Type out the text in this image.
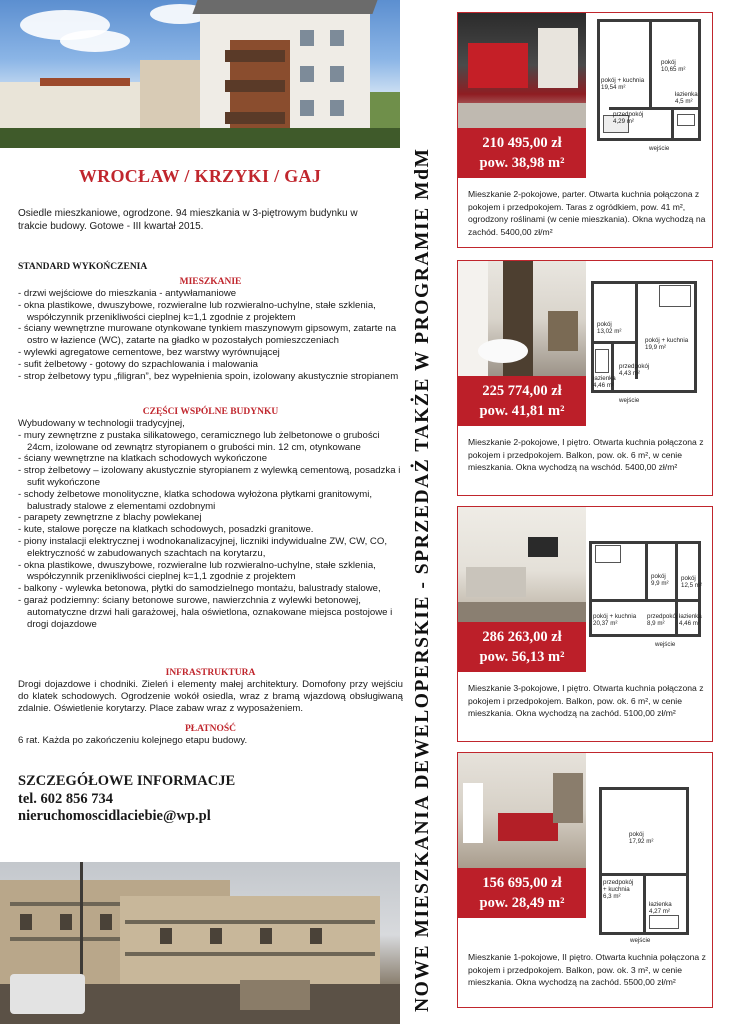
WROCŁAW / KRZYKI / GAJ

Osiedle mieszkaniowe, ogrodzone. 94 mieszkania w 3-piętrowym budynku w trakcie budowy. Gotowe - III kwartał 2015.

STANDARD WYKOŃCZENIA
MIESZKANIE
- drzwi wejściowe do mieszkania - antywłamaniowe
- okna plastikowe, dwuszybowe, rozwieralne lub rozwieralno-uchylne, stałe szklenia, współczynnik przenikliwości cieplnej k=1,1 zgodnie z projektem
- ściany wewnętrzne murowane otynkowane tynkiem maszynowym gipsowym, zatarte na ostro w łazience (WC), zatarte na gładko w pozostałych pomieszczeniach
- wylewki agregatowe cementowe, bez warstwy wyrównującej
- sufit żelbetowy - gotowy do szpachlowania i malowania
- strop żelbetowy typu „filigran”, bez wypełnienia spoin, izolowany akustycznie stropianem
CZĘŚCI WSPÓLNE BUDYNKU

Wybudowany w technologii tradycyjnej,

- mury zewnętrzne z pustaka silikatowego, ceramicznego lub żelbetonowe o grubości 24cm, izolowane od zewnątrz styropianem o grubości min. 12 cm, otynkowane
- ściany wewnętrzne na klatkach schodowych wykończone
- strop żelbetowy – izolowany akustycznie styropianem z wylewką cementową, posadzka i sufit wykończone
- schody żelbetowe monolityczne, klatka schodowa wyłożona płytkami granitowymi, balustrady stalowe z elementami ozdobnymi
- parapety zewnętrzne z blachy powlekanej
- kute, stalowe poręcze na klatkach schodowych, posadzki granitowe.
- piony instalacji elektrycznej i wodnokanalizacyjnej, liczniki indywidualne ZW, CW, CO, elektryczność w zabudowanych szachtach na korytarzu,
- okna plastikowe, dwuszybowe, rozwieralne lub rozwieralno-uchylne, stałe szklenia, współczynnik przenikliwości cieplnej k=1,1 zgodnie z projektem
- balkony - wylewka betonowa, płytki do samodzielnego montażu, balustrady stalowe,
- garaż podziemny: ściany betonowe surowe, nawierzchnia z wylewki betonowej, automatyczne drzwi hali garażowej, hala oświetlona, oznakowane miejsca postojowe i drogi dojazdowe
INFRASTRUKTURA

Drogi dojazdowe i chodniki. Zieleń i elementy małej architektury. Domofony przy wejściu do klatek schodowych. Ogrodzenie wokół osiedla, wraz z bramą wjazdową obsługiwaną zdalnie. Oświetlenie korytarzy. Place zabaw wraz z wyposażeniem.

PŁATNOŚĆ

6 rat. Każda po zakończeniu kolejnego etapu budowy.

SZCZEGÓŁOWE INFORMACJE
tel. 602 856 734
nieruchomoscidlaciebie@wp.pl	NOWE MIESZKANIA DEWELOPERSKIE - SPRZEDAŻ TAKŻE W PROGRAMIE MdM
pokój
10,65 m²
pokój + kuchnia
19,54 m²
przedpokój
4,29 m²
łazienka
4,5 m²
wejście
210 495,00 zł
pow. 38,98 m²

Mieszkanie 2-pokojowe, parter. Otwarta kuchnia połączona z pokojem i przedpokojem. Taras z ogródkiem, pow. 41 m², ogrodzony roślinami (w cenie mieszkania). Okna wychodzą na zachód. 5400,00 zł/m²

pokój
13,02 m²
pokój + kuchnia
19,9 m²
przedpokój
4,43 m²
łazienka
4,46 m²
wejście
225 774,00 zł
pow. 41,81 m²

Mieszkanie 2-pokojowe, I piętro. Otwarta kuchnia połączona z pokojem i przedpokojem. Balkon, pow. ok. 6 m², w cenie mieszkania. Okna wychodzą na wschód. 5400,00 zł/m²

pokój
9,9 m²
pokój
12,5 m²
pokój + kuchnia
20,37 m²
przedpokój
8,9 m²
łazienka
4,46 m²
wejście
286 263,00 zł
pow. 56,13 m²

Mieszkanie 3-pokojowe, I piętro. Otwarta kuchnia połączona z pokojem i przedpokojem. Balkon, pow. ok. 6 m², w cenie mieszkania. Okna wychodzą na zachód. 5100,00 zł/m²

pokój
17,92 m²
przedpokój
+ kuchnia
6,3 m²
łazienka
4,27 m²
wejście
156 695,00 zł
pow. 28,49 m²

Mieszkanie 1-pokojowe, II piętro. Otwarta kuchnia połączona z pokojem i przedpokojem. Balkon, pow. ok. 3 m², w cenie mieszkania. Okna wychodzą na zachód. 5500,00 zł/m²
